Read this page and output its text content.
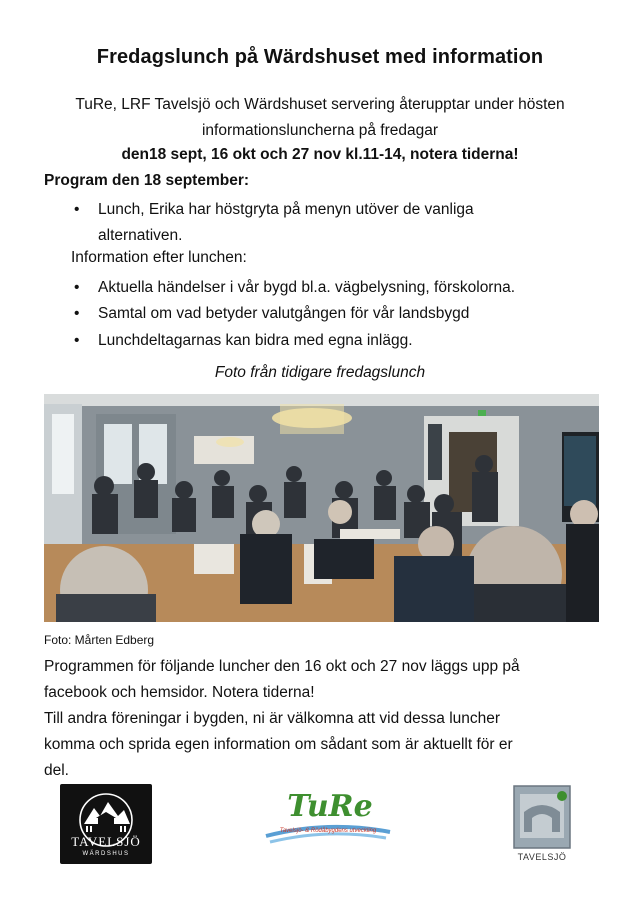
Fredagslunch på Wärdshuset med information
TuRe, LRF Tavelsjö och Wärdshuset servering återupptar under hösten
informationsluncherna på fredagar
den18 sept, 16 okt och 27 nov kl.11-14, notera tiderna!
Program den 18 september:
•	Lunch, Erika har höstgryta på menyn utöver de vanliga
alternativen.
Information efter lunchen:
•	Aktuella händelser i vår bygd bl.a. vägbelysning, förskolorna.
•	Samtal om vad betyder valutgången för vår landsbygd
•	Lunchdeltagarnas kan bidra med egna inlägg.
Foto från tidigare fredagslunch
Foto: Mårten Edberg
Programmen för följande luncher den 16 okt och 27 nov läggs upp på
facebook och hemsidor. Notera tiderna!
Till andra föreningar i bygden, ni är välkomna att vid dessa luncher
komma och sprida egen information om sådant som är aktuellt för er
del.
TAVELSJÖ
WÄRDSHUS
TuRe
Tavelsjö- & Rödåbygdens utveckling
TAVELSJÖ
